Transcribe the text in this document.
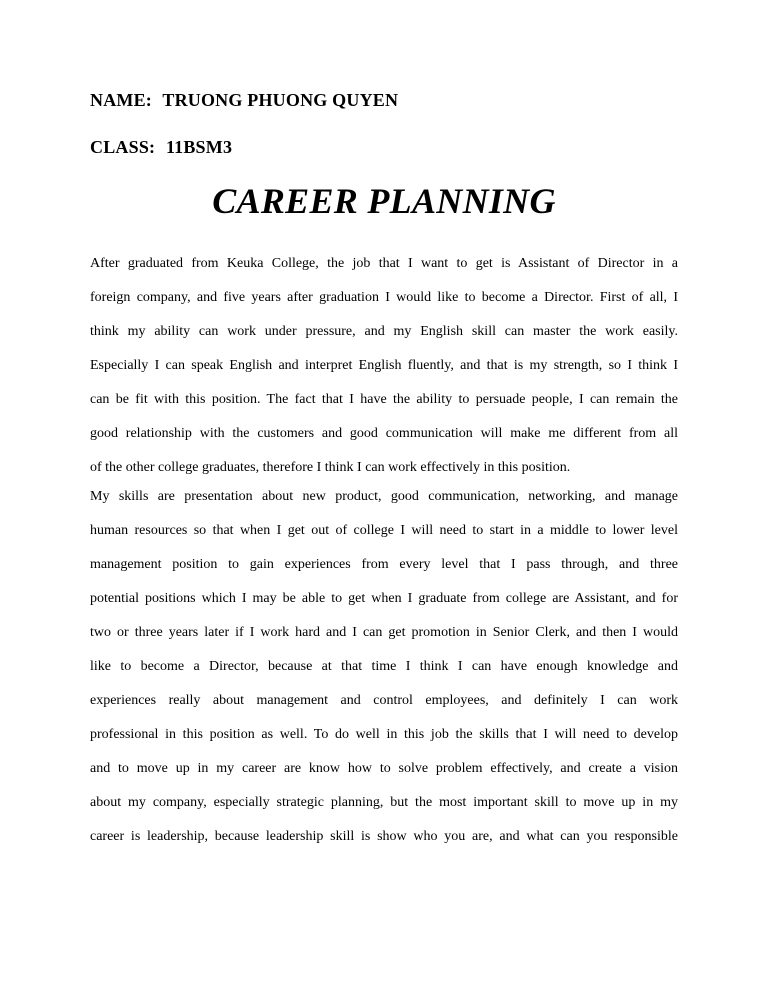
NAME: TRUONG PHUONG QUYEN
CLASS: 11BSM3
CAREER PLANNING
After graduated from Keuka College, the job that I want to get is Assistant of Director in a
foreign company, and five years after graduation I would like to become a Director. First of all, I
think my ability can work under pressure, and my English skill can master the work easily.
Especially I can speak English and interpret English fluently, and that is my strength, so I think I
can be fit with this position. The fact that I have the ability to persuade people, I can remain the
good relationship with the customers and good communication will make me different from all
of the other college graduates, therefore I think I can work effectively in this position.
My skills are presentation about new product, good communication, networking, and manage
human resources so that when I get out of college I will need to start in a middle to lower level
management position to gain experiences from every level that I pass through, and three
potential positions which I may be able to get when I graduate from college are Assistant, and for
two or three years later if I work hard and I can get promotion in Senior Clerk, and then I would
like to become a Director, because at that time I think I can have enough knowledge and
experiences really about management and control employees, and definitely I can work
professional in this position as well. To do well in this job the skills that I will need to develop
and to move up in my career are know how to solve problem effectively, and create a vision
about my company, especially strategic planning, but the most important skill to move up in my
career is leadership, because leadership skill is show who you are, and what can you responsible
